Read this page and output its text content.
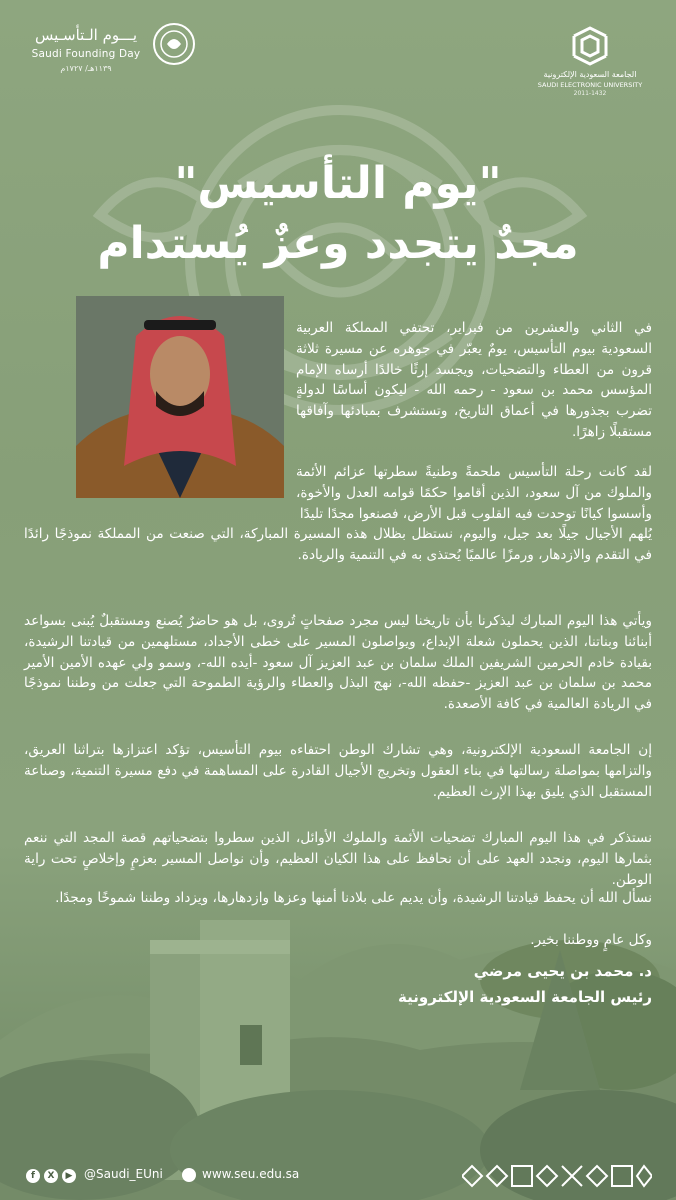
يـــوم الـتأسـيس
Saudi Founding Day
١١٣٩هـ/ ١٧٢٧م
الجامعة السعودية الإلكترونية
SAUDI ELECTRONIC UNIVERSITY
2011-1432
"يوم التأسيس"
مجدٌ يتجدد وعزٌ يُستدام

في الثاني والعشرين من فبراير، تحتفي المملكة العربية السعودية بيوم التأسيس، يومٌ يعبّر في جوهره عن مسيرة ثلاثة قرون من العطاء والتضحيات، ويجسد إرثًا خالدًا أرساه الإمام المؤسس محمد بن سعود - رحمه الله - ليكون أساسًا لدولةٍ تضرب بجذورها في أعماق التاريخ، وتستشرف بمبادئها وآفاقها مستقبلًا زاهرًا.

لقد كانت رحلة التأسيس ملحمةً وطنيةً سطرتها عزائم الأئمة والملوك من آل سعود، الذين أقاموا حكمًا قوامه العدل والأخوة، وأسسوا كيانًا توحدت فيه القلوب قبل الأرض، فصنعوا مجدًا تليدًا

يُلهم الأجيال جيلًا بعد جيل، واليوم، نستظل بظلال هذه المسيرة المباركة، التي صنعت من المملكة نموذجًا رائدًا في التقدم والازدهار، ورمزًا عالميًا يُحتذى به في التنمية والريادة.

ويأتي هذا اليوم المبارك ليذكرنا بأن تاريخنا ليس مجرد صفحاتٍ تُروى، بل هو حاضرٌ يُصنع ومستقبلٌ يُبنى بسواعد أبنائنا وبناتنا، الذين يحملون شعلة الإبداع، ويواصلون المسير على خطى الأجداد، مستلهمين من قيادتنا الرشيدة، بقيادة خادم الحرمين الشريفين الملك سلمان بن عبد العزيز آل سعود -أيده الله-، وسمو ولي عهده الأمين الأمير محمد بن سلمان بن عبد العزيز -حفظه الله-، نهج البذل والعطاء والرؤية الطموحة التي جعلت من وطننا نموذجًا في الريادة العالمية في كافة الأصعدة.

إن الجامعة السعودية الإلكترونية، وهي تشارك الوطن احتفاءه بيوم التأسيس، تؤكد اعتزازها بتراثنا العريق، والتزامها بمواصلة رسالتها في بناء العقول وتخريج الأجيال القادرة على المساهمة في دفع مسيرة التنمية، وصناعة المستقبل الذي يليق بهذا الإرث العظيم.

نستذكر في هذا اليوم المبارك تضحيات الأئمة والملوك الأوائل، الذين سطروا بتضحياتهم قصة المجد التي ننعم بثمارها اليوم، ونجدد العهد على أن نحافظ على هذا الكيان العظيم، وأن نواصل المسير بعزمٍ وإخلاصٍ تحت راية الوطن.

نسأل الله أن يحفظ قيادتنا الرشيدة، وأن يديم على بلادنا أمنها وعزها وازدهارها، ويزداد وطننا شموخًا ومجدًا.

وكل عامٍ ووطننا بخير.

د. محمد بن يحيى مرضي
رئيس الجامعة السعودية الإلكترونية
f	X	▶ @Saudi_EUni	www.seu.edu.sa
